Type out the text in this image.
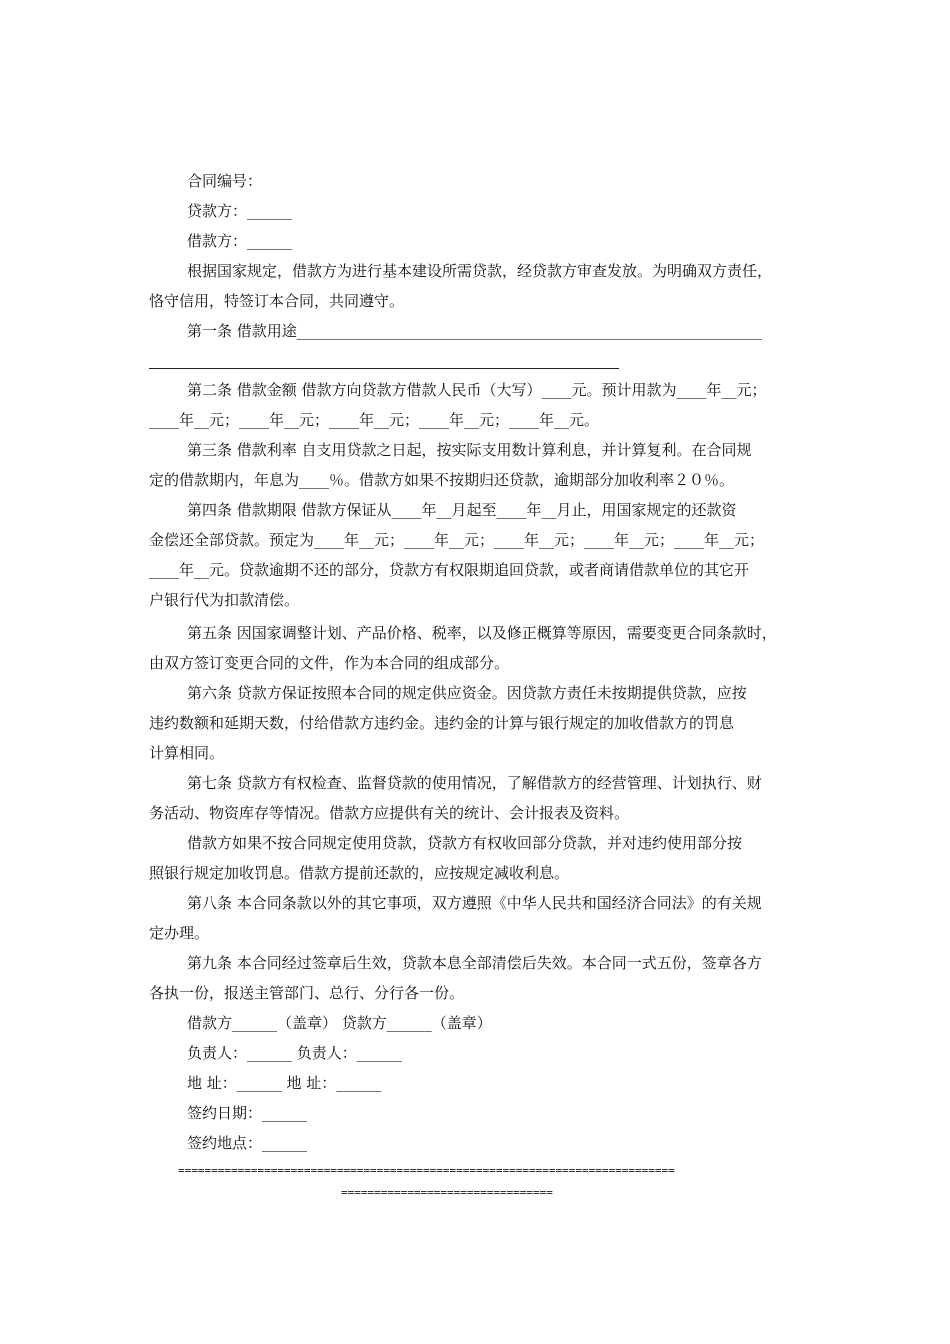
合同编号：
贷款方：______
借款方：______
根据国家规定，借款方为进行基本建设所需贷款，经贷款方审查发放。为明确双方责任，
恪守信用，特签订本合同，共同遵守。
第一条 借款用途______________________________________________________________
第二条 借款金额 借款方向贷款方借款人民币（大写）____元。预计用款为____年__元；
____年__元；____年__元；____年__元；____年__元；____年__元。
第三条 借款利率 自支用贷款之日起，按实际支用数计算利息，并计算复利。在合同规
定的借款期内，年息为____％。借款方如果不按期归还贷款，逾期部分加收利率２０％。
第四条 借款期限 借款方保证从____年__月起至____年__月止，用国家规定的还款资
金偿还全部贷款。预定为____年__元；____年__元；____年__元；____年__元；____年__元；
____年__元。贷款逾期不还的部分，贷款方有权限期追回贷款，或者商请借款单位的其它开
户银行代为扣款清偿。
第五条 因国家调整计划、产品价格、税率，以及修正概算等原因，需要变更合同条款时，
由双方签订变更合同的文件，作为本合同的组成部分。
第六条 贷款方保证按照本合同的规定供应资金。因贷款方责任未按期提供贷款，应按
违约数额和延期天数，付给借款方违约金。违约金的计算与银行规定的加收借款方的罚息
计算相同。
第七条 贷款方有权检查、监督贷款的使用情况，了解借款方的经营管理、计划执行、财
务活动、物资库存等情况。借款方应提供有关的统计、会计报表及资料。
借款方如果不按合同规定使用贷款，贷款方有权收回部分贷款，并对违约使用部分按
照银行规定加收罚息。借款方提前还款的，应按规定减收利息。
第八条 本合同条款以外的其它事项，双方遵照《中华人民共和国经济合同法》的有关规
定办理。
第九条 本合同经过签章后生效，贷款本息全部清偿后失效。本合同一式五份，签章各方
各执一份，报送主管部门、总行、分行各一份。
借款方______（盖章） 贷款方______（盖章）
负责人：______ 负责人：______
地 址：______ 地 址：______
签约日期：______
签约地点：______
===========================================================================
================================
